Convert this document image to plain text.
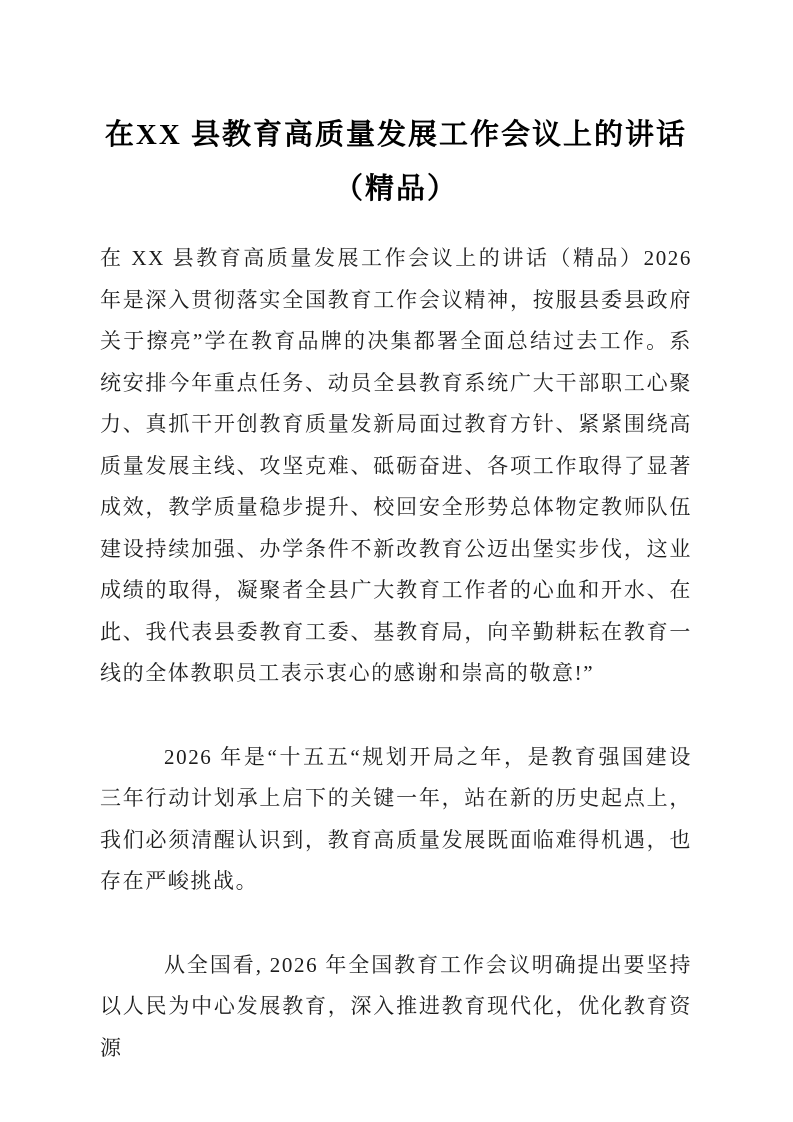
在XX 县教育高质量发展工作会议上的讲话
（精品）

在 XX 县教育高质量发展工作会议上的讲话（精品）2026 年是深入贯彻落实全国教育工作会议精神，按服县委县政府关于擦亮”学在教育品牌的决集都署全面总结过去工作。系统安排今年重点任务、动员全县教育系统广大干部职工心聚力、真抓干开创教育质量发新局面过教育方针、紧紧围绕高质量发展主线、攻坚克难、砥砺奋进、各项工作取得了显著成效，教学质量稳步提升、校回安全形势总体物定教师队伍建设持续加强、办学条件不新改教育公迈出堡实步伐，这业成绩的取得，凝聚者全县广大教育工作者的心血和开水、在此、我代表县委教育工委、基教育局，向辛勤耕耘在教育一线的全体教职员工表示衷心的感谢和崇高的敬意!”

2026 年是“十五五“规划开局之年，是教育强国建设三年行动计划承上启下的关键一年，站在新的历史起点上，我们必须清醒认识到，教育高质量发展既面临难得机遇，也存在严峻挑战。

从全国看, 2026 年全国教育工作会议明确提出要坚持以人民为中心发展教育，深入推进教育现代化，优化教育资源
